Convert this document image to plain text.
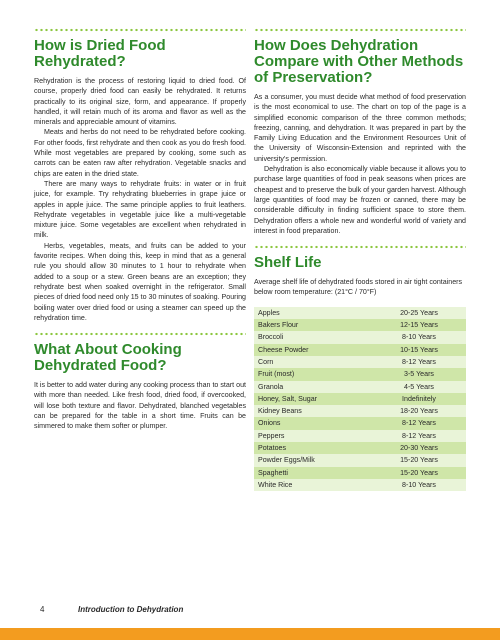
How is Dried Food Rehydrated?

Rehydration is the process of restoring liquid to dried food. Of course, properly dried food can easily be rehydrated. It returns practically to its original size, form, and appearance. If properly handled, it will retain much of its aroma and flavor as well as the minerals and appreciable amount of vitamins.

Meats and herbs do not need to be rehydrated before cooking. For other foods, first rehydrate and then cook as you do fresh food. While most vegetables are prepared by cooking, some such as carrots can be eaten raw after rehydration. Vegetable snacks and chips are eaten in the dried state.

There are many ways to rehydrate fruits: in water or in fruit juice, for example. Try rehydrating blueberries in grape juice or apples in apple juice. The same principle applies to fruit leathers. Rehydrate vegetables in vegetable juice like a multi-vegetable mixture juice. Some vegetables are excellent when rehydrated in milk.

Herbs, vegetables, meats, and fruits can be added to your favorite recipes. When doing this, keep in mind that as a general rule you should allow 30 minutes to 1 hour to rehydrate when added to a soup or a stew. Green beans are an exception; they rehydrate best when soaked overnight in the refrigerator. Small pieces of dried food need only 15 to 30 minutes of soaking. Pouring boiling water over dried food or using a steamer can speed up the rehydration time.

What About Cooking Dehydrated Food?

It is better to add water during any cooking process than to start out with more than needed. Like fresh food, dried food, if overcooked, will lose both texture and flavor. Dehydrated, blanched vegetables can be prepared for the table in a short time. Fruits can be simmered to make them softer or plumper.

How Does Dehydration Compare with Other Methods of Preservation?

As a consumer, you must decide what method of food preservation is the most economical to use. The chart on top of the page is a simplified economic comparison of the three common methods; freezing, canning, and dehydration. It was prepared in part by the Family Living Education and the Environment Resources Unit of the University of Wisconsin-Extension and reprinted with the university's permission.

Dehydration is also economically viable because it allows you to purchase large quantities of food in peak seasons when prices are cheapest and to preserve the bulk of your garden harvest. Although large quantities of food may be frozen or canned, there may be considerable difficulty in finding sufficient space to store them. Dehydration offers a whole new and wonderful world of variety and interest in food preparation.

Shelf Life

Average shelf life of dehydrated foods stored in air tight containers below room temperature: (21°C / 70°F)

Apples	20-25 Years
Bakers Flour	12-15 Years
Broccoli	8-10 Years
Cheese Powder	10-15 Years
Corn	8-12 Years
Fruit (most)	3-5 Years
Granola	4-5 Years
Honey, Salt, Sugar	Indefinitely
Kidney Beans	18-20 Years
Onions	8-12 Years
Peppers	8-12 Years
Potatoes	20-30 Years
Powder Eggs/Milk	15-20 Years
Spaghetti	15-20 Years
White Rice	8-10 Years
4	Introduction to Dehydration
